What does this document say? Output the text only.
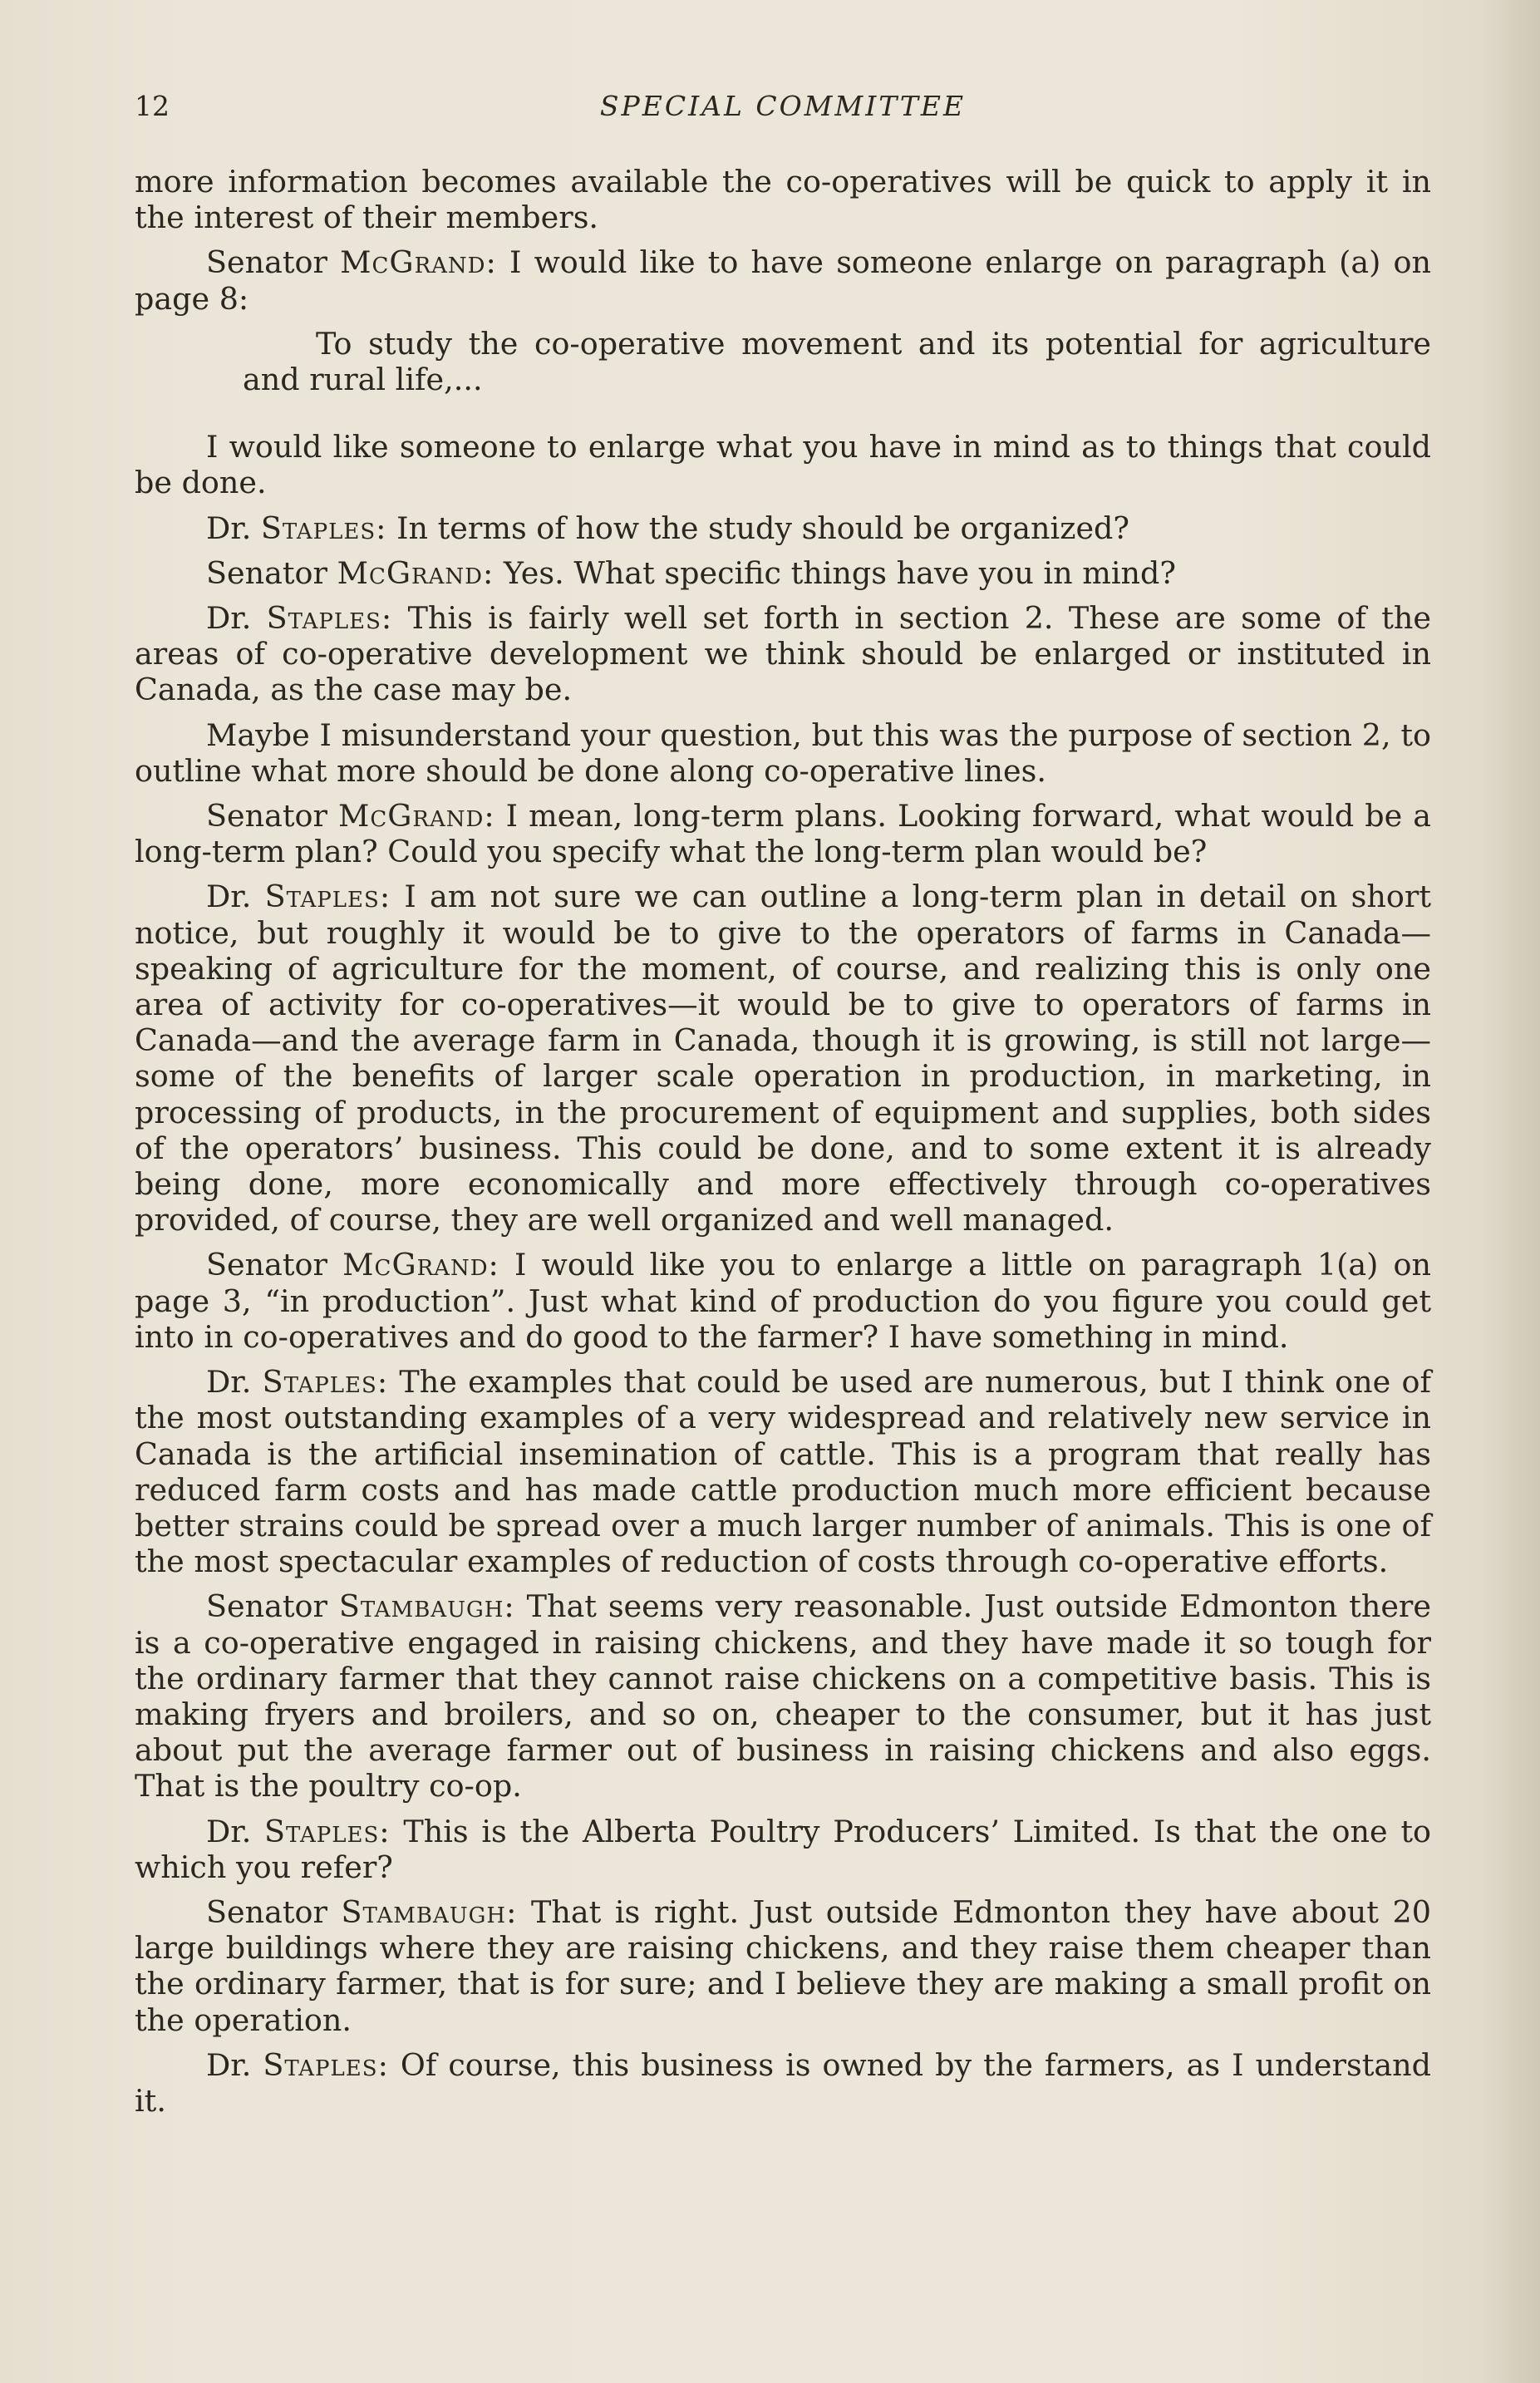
12	SPECIAL COMMITTEE

more information becomes available the co-operatives will be quick to apply it in the interest of their members.

Senator McGrand: I would like to have someone enlarge on paragraph (a) on page 8:

To study the co-operative movement and its potential for agriculture and rural life,...

I would like someone to enlarge what you have in mind as to things that could be done.

Dr. Staples: In terms of how the study should be organized?

Senator McGrand: Yes. What specific things have you in mind?

Dr. Staples: This is fairly well set forth in section 2. These are some of the areas of co-operative development we think should be enlarged or instituted in Canada, as the case may be.

Maybe I misunderstand your question, but this was the purpose of section 2, to outline what more should be done along co-operative lines.

Senator McGrand: I mean, long-term plans. Looking forward, what would be a long-term plan? Could you specify what the long-term plan would be?

Dr. Staples: I am not sure we can outline a long-term plan in detail on short notice, but roughly it would be to give to the operators of farms in Canada—speaking of agriculture for the moment, of course, and realizing this is only one area of activity for co-operatives—it would be to give to operators of farms in Canada—and the average farm in Canada, though it is growing, is still not large—some of the benefits of larger scale operation in production, in marketing, in processing of products, in the procurement of equipment and supplies, both sides of the operators’ business. This could be done, and to some extent it is already being done, more economically and more effectively through co-operatives provided, of course, they are well organized and well managed.

Senator McGrand: I would like you to enlarge a little on paragraph 1(a) on page 3, “in production”. Just what kind of production do you figure you could get into in co-operatives and do good to the farmer? I have something in mind.

Dr. Staples: The examples that could be used are numerous, but I think one of the most outstanding examples of a very widespread and relatively new service in Canada is the artificial insemination of cattle. This is a program that really has reduced farm costs and has made cattle production much more efficient because better strains could be spread over a much larger number of animals. This is one of the most spectacular examples of reduction of costs through co-operative efforts.

Senator Stambaugh: That seems very reasonable. Just outside Edmonton there is a co-operative engaged in raising chickens, and they have made it so tough for the ordinary farmer that they cannot raise chickens on a competitive basis. This is making fryers and broilers, and so on, cheaper to the consumer, but it has just about put the average farmer out of business in raising chickens and also eggs. That is the poultry co-op.

Dr. Staples: This is the Alberta Poultry Producers’ Limited. Is that the one to which you refer?

Senator Stambaugh: That is right. Just outside Edmonton they have about 20 large buildings where they are raising chickens, and they raise them cheaper than the ordinary farmer, that is for sure; and I believe they are making a small profit on the operation.

Dr. Staples: Of course, this business is owned by the farmers, as I understand it.
